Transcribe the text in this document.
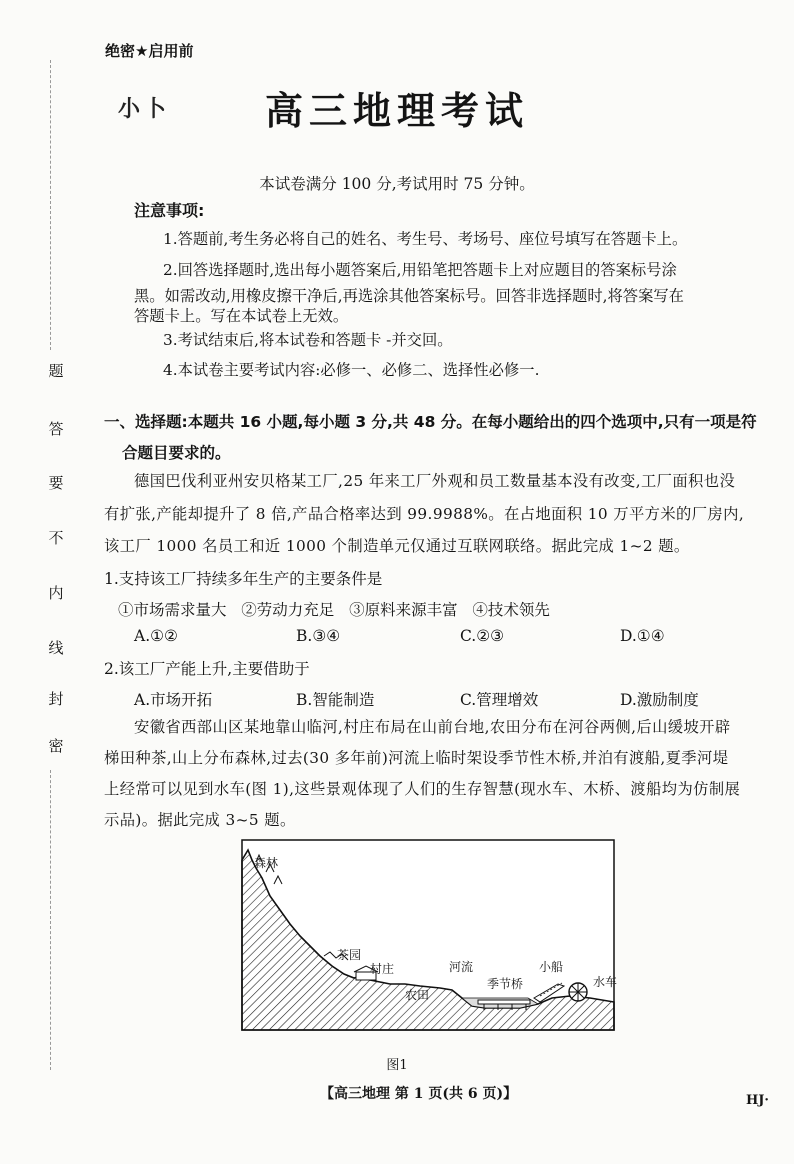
绝密★启用前
小卜	高三地理考试
本试卷满分 100 分,考试用时 75 分钟。
注意事项:
1.答题前,考生务必将自己的姓名、考生号、考场号、座位号填写在答题卡上。
2.回答选择题时,选出每小题答案后,用铅笔把答题卡上对应题目的答案标号涂
黑。如需改动,用橡皮擦干净后,再选涂其他答案标号。回答非选择题时,将答案写在
答题卡上。写在本试卷上无效。
3.考试结束后,将本试卷和答题卡 -并交回。
4.本试卷主要考试内容:必修一、必修二、选择性必修一.
题
答
要
不
内
线
封
密
一、选择题:本题共 16 小题,每小题 3 分,共 48 分。在每小题给出的四个选项中,只有一项是符
合题目要求的。
德国巴伐利亚州安贝格某工厂,25 年来工厂外观和员工数量基本没有改变,工厂面积也没
有扩张,产能却提升了 8 倍,产品合格率达到 99.9988%。在占地面积 10 万平方米的厂房内,
该工厂 1000 名员工和近 1000 个制造单元仅通过互联网联络。据此完成 1~2 题。
1.支持该工厂持续多年生产的主要条件是
①市场需求量大   ②劳动力充足   ③原料来源丰富   ④技术领先
A.①②	B.③④	C.②③	D.①④
2.该工厂产能上升,主要借助于
A.市场开拓	B.智能制造	C.管理增效	D.激励制度
安徽省西部山区某地靠山临河,村庄布局在山前台地,农田分布在河谷两侧,后山缓坡开辟
梯田种茶,山上分布森林,过去(30 多年前)河流上临时架设季节性木桥,并泊有渡船,夏季河堤
上经常可以见到水车(图 1),这些景观体现了人们的生存智慧(现水车、木桥、渡船均为仿制展
示品)。据此完成 3~5 题。
森林
茶园
村庄
农田
河流
季节桥
小船
水车
图1
【高三地理 第 1 页(共 6 页)】	HJ·
